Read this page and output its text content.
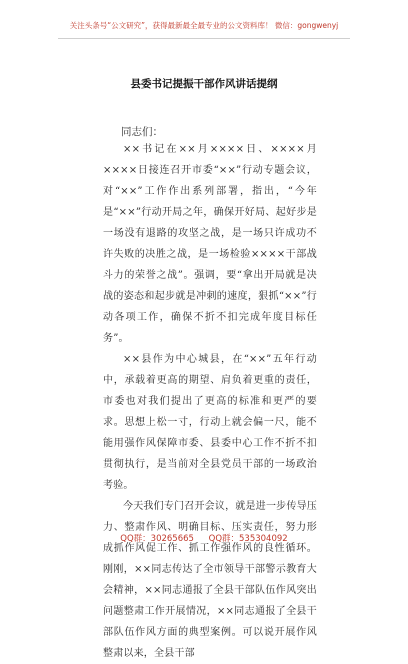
关注头条号“公文研究”，获得最新最全最专业的公文资料库！ 微信：gongwenyj
县委书记提振干部作风讲话提纲
同志们：

××书记在××月××××日、××××月××××日接连召开市委“××”行动专题会议，对“××”工作作出系列部署，指出，“今年是“××”行动开局之年，确保开好局、起好步是一场没有退路的攻坚之战，是一场只许成功不许失败的决胜之战，是一场检验××××干部战斗力的荣誉之战”。强调，要“拿出开局就是决战的姿态和起步就是冲刺的速度，狠抓“××”行动各项工作，确保不折不扣完成年度目标任务”。

××县作为中心城县，在“××”五年行动中，承载着更高的期望、肩负着更重的责任，市委也对我们提出了更高的标准和更严的要求。思想上松一寸，行动上就会偏一尺，能不能用强作风保障市委、县委中心工作不折不扣贯彻执行，是当前对全县党员干部的一场政治考验。

今天我们专门召开会议，就是进一步传导压力、整肃作风、明确目标、压实责任，努力形成抓作风促工作、抓工作强作风的良性循环。刚刚，××同志传达了全市领导干部警示教育大会精神，××同志通报了全县干部队伍作风突出问题整肃工作开展情况，××同志通报了全县干部队伍作风方面的典型案例。可以说开展作风整肃以来，全县干部

QQ群：30265665 QQ群：535304092
